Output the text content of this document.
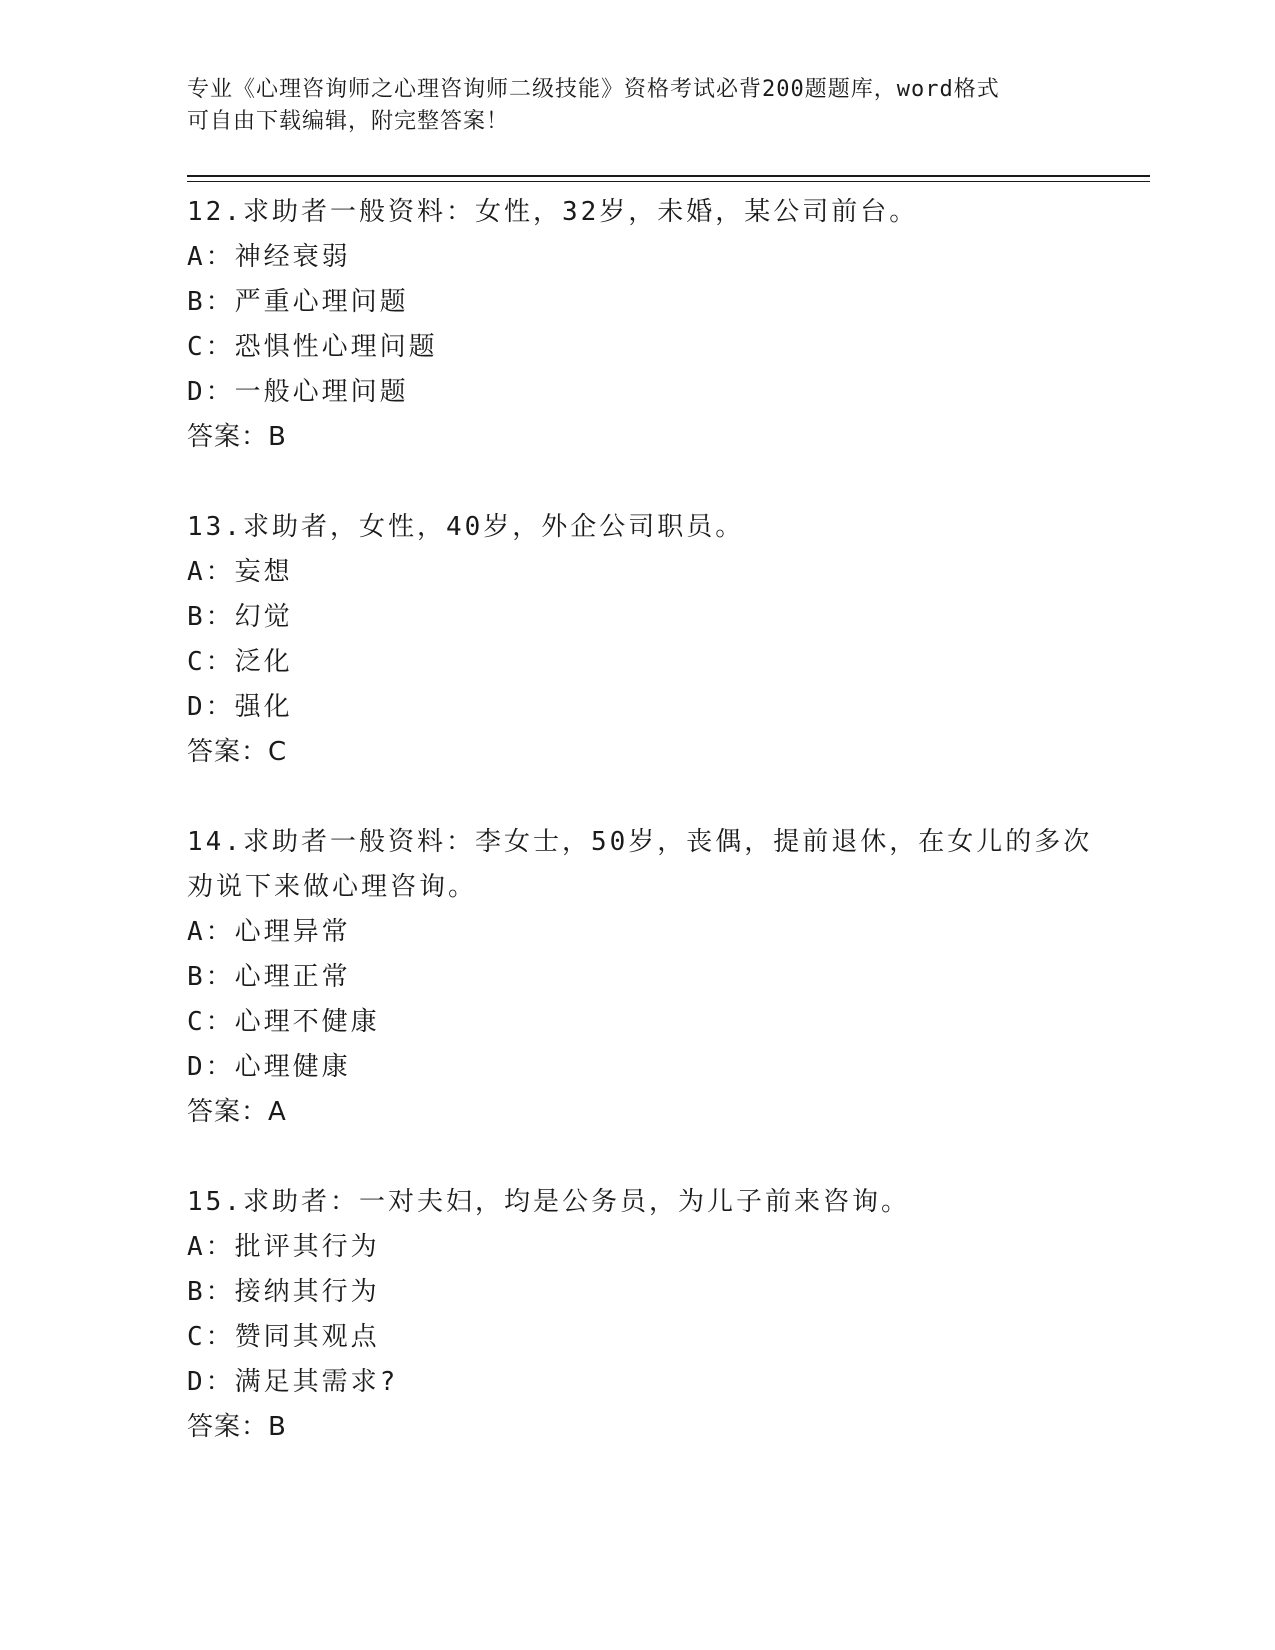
专业《心理咨询师之心理咨询师二级技能》资格考试必背200题题库，word格式
可自由下载编辑，附完整答案！
12.求助者一般资料：女性，32岁，未婚，某公司前台。
A：神经衰弱
B：严重心理问题
C：恐惧性心理问题
D：一般心理问题
答案：B
13.求助者，女性，40岁，外企公司职员。
A：妄想
B：幻觉
C：泛化
D：强化
答案：C
14.求助者一般资料：李女士，50岁，丧偶，提前退休，在女儿的多次
劝说下来做心理咨询。
A：心理异常
B：心理正常
C：心理不健康
D：心理健康
答案：A
15.求助者：一对夫妇，均是公务员，为儿子前来咨询。
A：批评其行为
B：接纳其行为
C：赞同其观点
D：满足其需求?
答案：B
